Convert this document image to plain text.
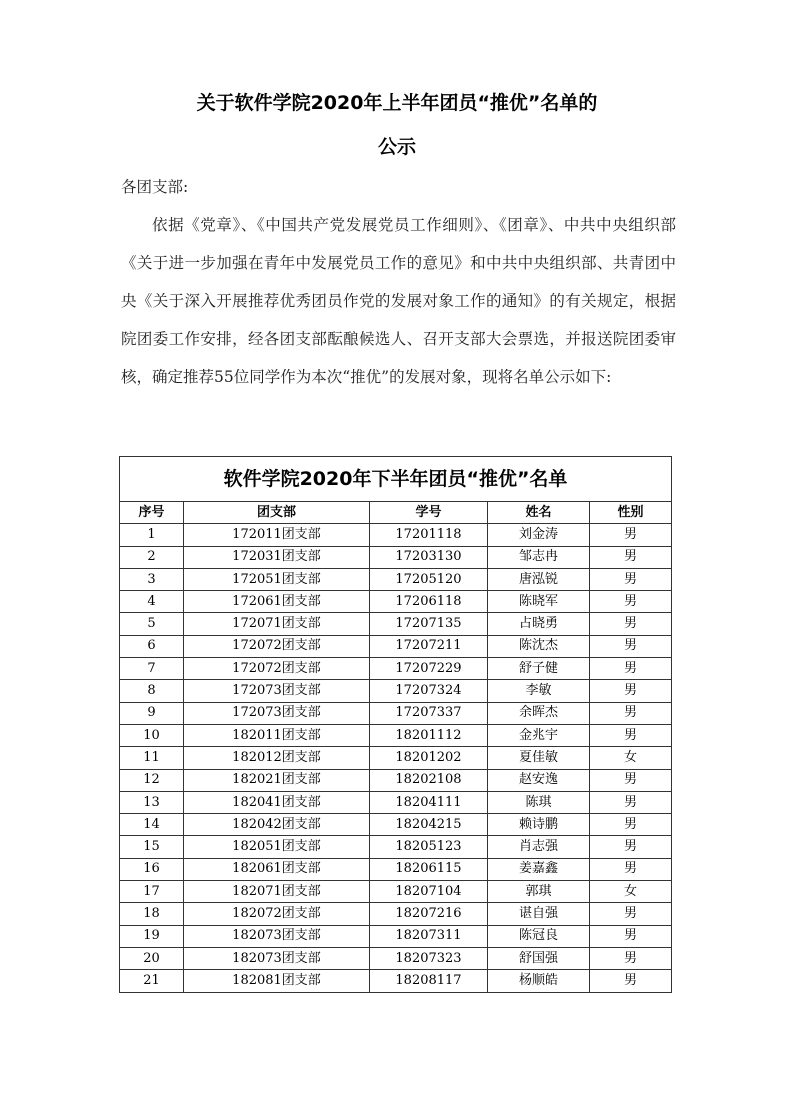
关于软件学院2020年上半年团员“推优”名单的
公示
各团支部:
依据《党章》、《中国共产党发展党员工作细则》、《团章》、中共中央组织部《关于进一步加强在青年中发展党员工作的意见》和中共中央组织部、共青团中央《关于深入开展推荐优秀团员作党的发展对象工作的通知》的有关规定，根据院团委工作安排，经各团支部酝酿候选人、召开支部大会票选，并报送院团委审核，确定推荐55位同学作为本次“推优”的发展对象，现将名单公示如下:
软件学院2020年下半年团员“推优”名单				
序号	团支部	学号	姓名	性别
1	172011团支部	17201118	刘金涛	男
2	172031团支部	17203130	邹志冉	男
3	172051团支部	17205120	唐泓锐	男
4	172061团支部	17206118	陈晓军	男
5	172071团支部	17207135	占晓勇	男
6	172072团支部	17207211	陈沈杰	男
7	172072团支部	17207229	舒子健	男
8	172073团支部	17207324	李敏	男
9	172073团支部	17207337	余晖杰	男
10	182011团支部	18201112	金兆宇	男
11	182012团支部	18201202	夏佳敏	女
12	182021团支部	18202108	赵安逸	男
13	182041团支部	18204111	陈琪	男
14	182042团支部	18204215	赖诗鹏	男
15	182051团支部	18205123	肖志强	男
16	182061团支部	18206115	姜嘉鑫	男
17	182071团支部	18207104	郭琪	女
18	182072团支部	18207216	谌自强	男
19	182073团支部	18207311	陈冠良	男
20	182073团支部	18207323	舒国强	男
21	182081团支部	18208117	杨顺皓	男
